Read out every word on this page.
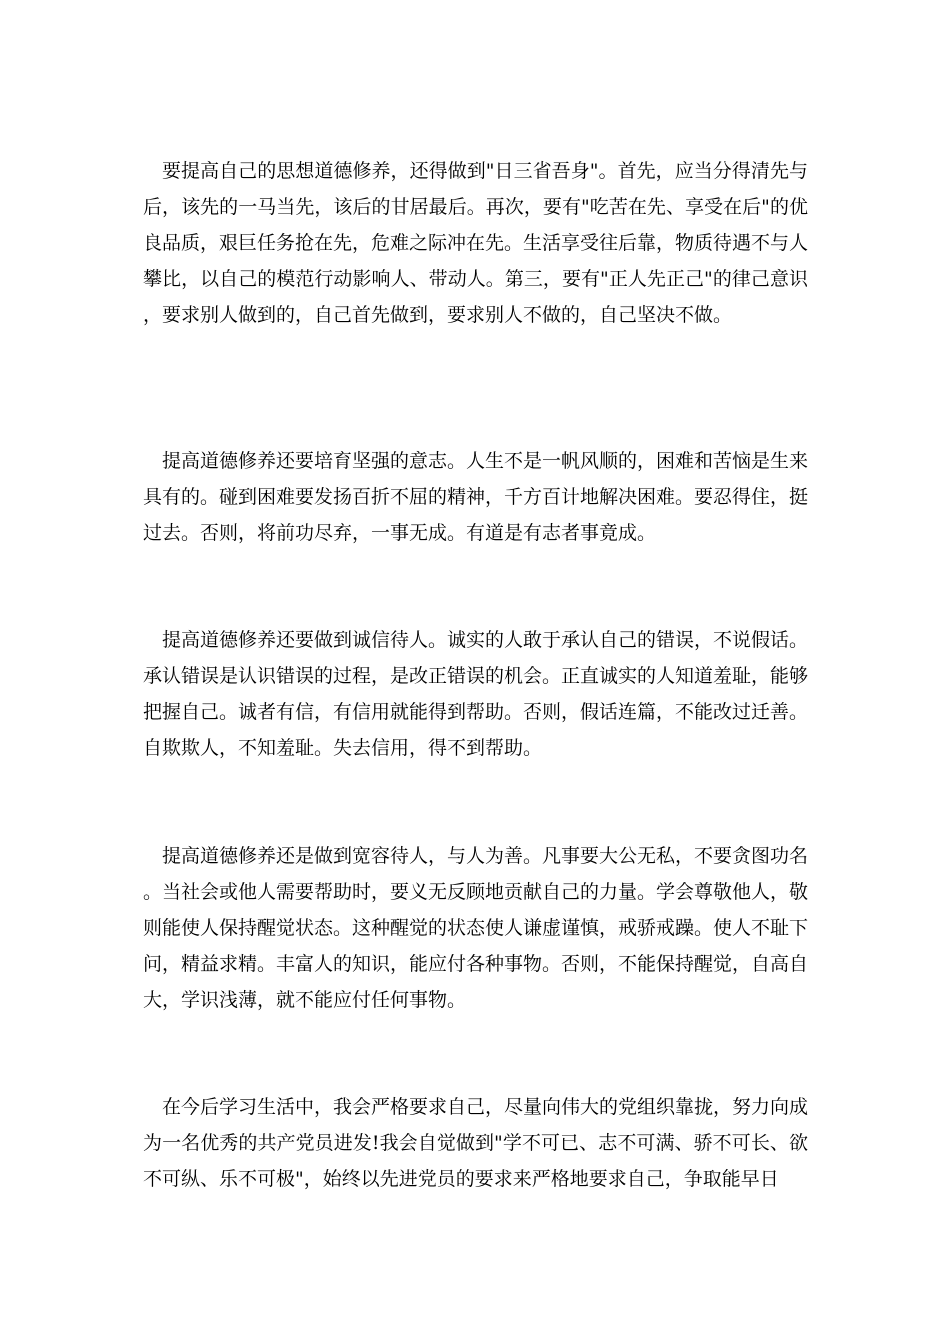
要提高自己的思想道德修养，还得做到"日三省吾身"。首先，应当分得清先与后，该先的一马当先，该后的甘居最后。再次，要有"吃苦在先、享受在后"的优良品质，艰巨任务抢在先，危难之际冲在先。生活享受往后靠，物质待遇不与人攀比，以自己的模范行动影响人、带动人。第三，要有"正人先正己"的律己意识，要求别人做到的，自己首先做到，要求别人不做的，自己坚决不做。

提高道德修养还要培育坚强的意志。人生不是一帆风顺的，困难和苦恼是生来具有的。碰到困难要发扬百折不屈的精神，千方百计地解决困难。要忍得住，挺过去。否则，将前功尽弃，一事无成。有道是有志者事竟成。

提高道德修养还要做到诚信待人。诚实的人敢于承认自己的错误，不说假话。承认错误是认识错误的过程，是改正错误的机会。正直诚实的人知道羞耻，能够把握自己。诚者有信，有信用就能得到帮助。否则，假话连篇，不能改过迁善。自欺欺人，不知羞耻。失去信用，得不到帮助。

提高道德修养还是做到宽容待人，与人为善。凡事要大公无私，不要贪图功名。当社会或他人需要帮助时，要义无反顾地贡献自己的力量。学会尊敬他人，敬则能使人保持醒觉状态。这种醒觉的状态使人谦虚谨慎，戒骄戒躁。使人不耻下问，精益求精。丰富人的知识，能应付各种事物。否则，不能保持醒觉，自高自大，学识浅薄，就不能应付任何事物。

在今后学习生活中，我会严格要求自己，尽量向伟大的党组织靠拢，努力向成为一名优秀的共产党员进发!我会自觉做到"学不可已、志不可满、骄不可长、欲不可纵、乐不可极"，始终以先进党员的要求来严格地要求自己，争取能早日
